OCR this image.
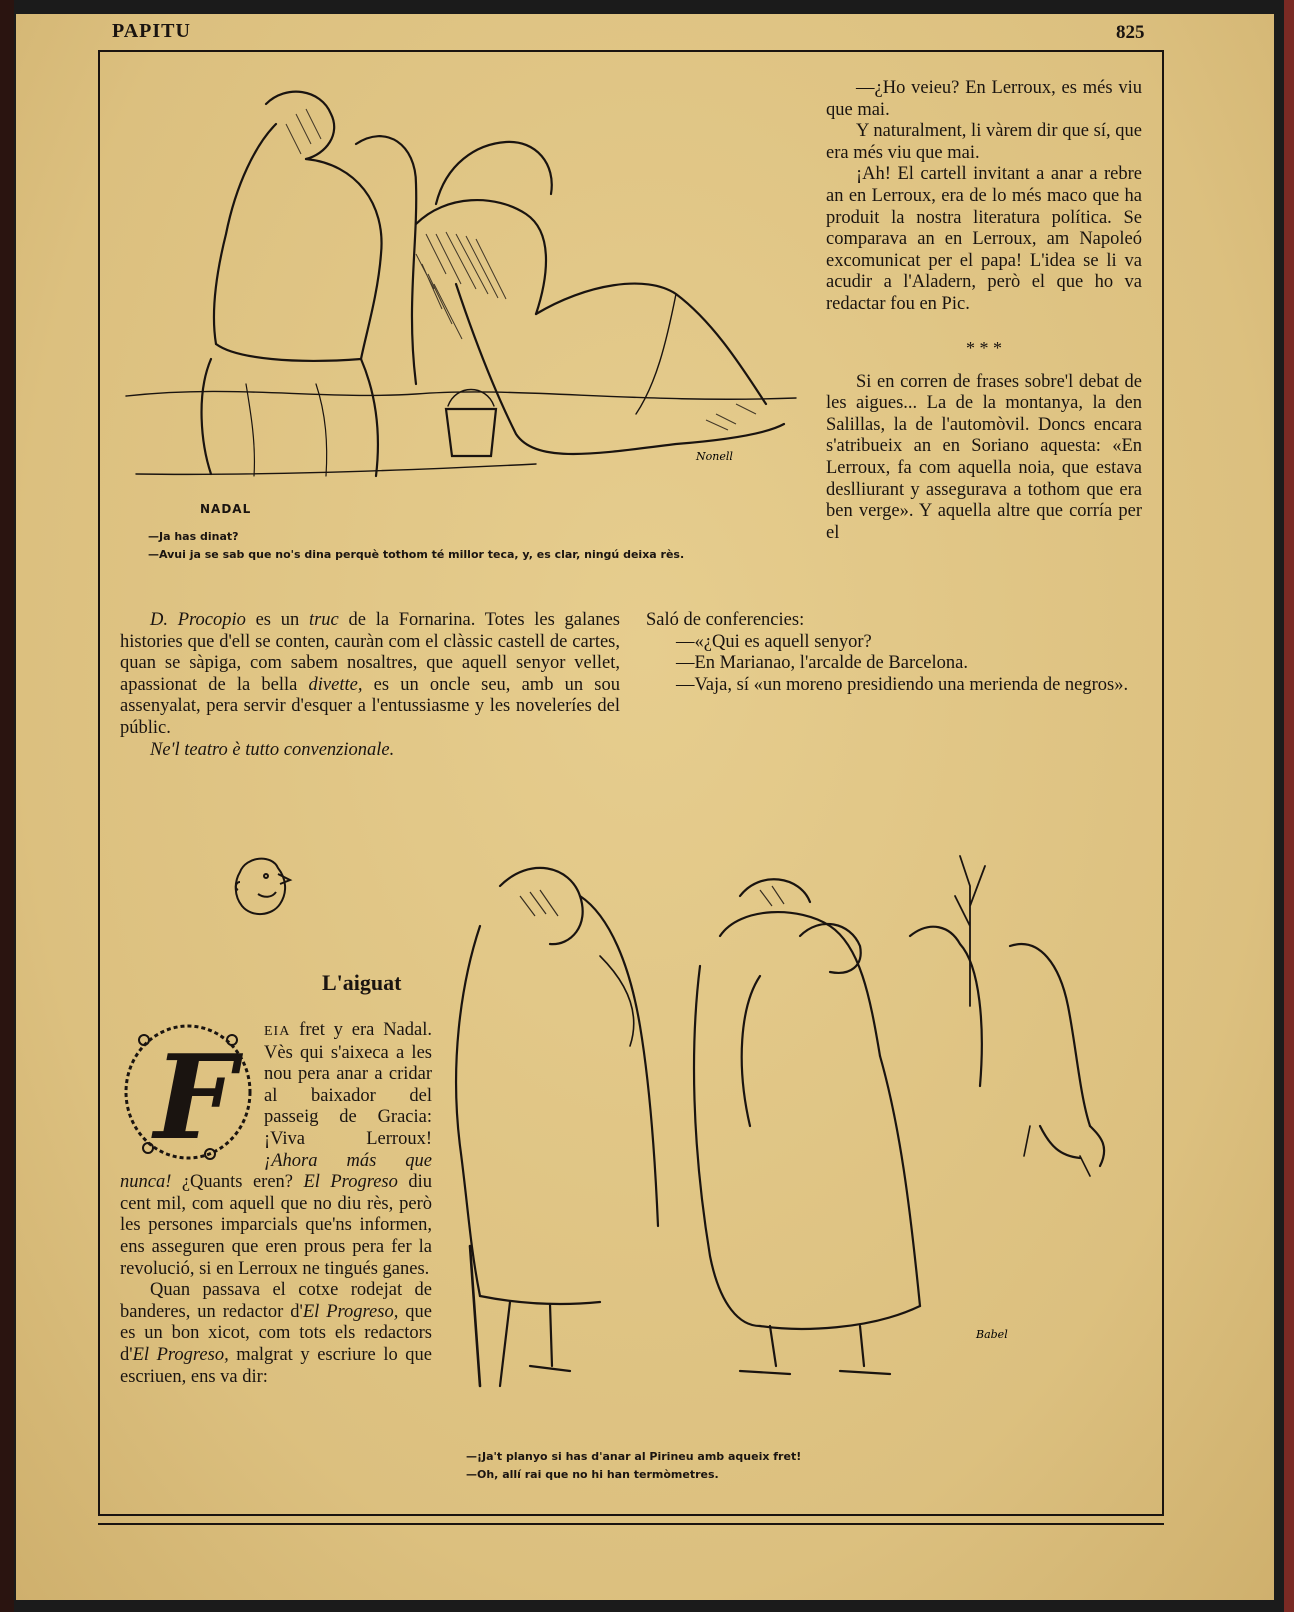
PAPITU	825
Nonell
NADAL
—Ja has dinat?
—Avui ja se sab que no's dina perquè tothom té millor teca, y, es clar, ningú deixa rès.

—¿Ho veieu? En Lerroux, es més viu que mai.

Y naturalment, li vàrem dir que sí, que era més viu que mai.

¡Ah! El cartell invitant a anar a rebre an en Lerroux, era de lo més maco que ha produit la nostra literatura política. Se comparava an en Lerroux, am Napoleó excomunicat per el papa! L'idea se li va acudir a l'Aladern, però el que ho va redactar fou en Pic.

* * *

Si en corren de frases sobre'l debat de les aigues... La de la montanya, la den Salillas, la de l'automòvil. Doncs encara s'atribueix an en Soriano aquesta: «En Lerroux, fa com aquella noia, que estava deslliurant y assegurava a tothom que era ben verge». Y aquella altre que corría per el

D. Procopio es un truc de la Fornarina. Totes les galanes histories que d'ell se conten, cauràn com el clàssic castell de cartes, quan se sàpiga, com sabem nosaltres, que aquell senyor vellet, apassionat de la bella divette, es un oncle seu, amb un sou assenyalat, pera servir d'esquer a l'entussiasme y les noveleríes del públic.

Ne'l teatro è tutto convenzionale.

Saló de conferencies:

—«¿Qui es aquell senyor?

—En Marianao, l'arcalde de Barcelona.

—Vaja, sí «un moreno presidiendo una merienda de negros».

L'aiguat
F	EIA fret y era Nadal. Vès qui s'aixeca a les nou pera anar a cridar al baixador del passeig de Gracia: ¡Viva Lerroux! ¡Ahora más que nunca! ¿Quants eren? El Progreso diu cent mil, com aquell que no diu rès, però les persones imparcials que'ns informen, ens asseguren que eren prous pera fer la revolució, si en Lerroux ne tingués ganes.

Quan passava el cotxe rodejat de banderes, un redactor d'El Progreso, que es un bon xicot, com tots els redactors d'El Progreso, malgrat y escriure lo que escriuen, ens va dir:

Babel
—¡Ja't planyo si has d'anar al Pirineu amb aqueix fret!
—Oh, allí rai que no hi han termòmetres.
